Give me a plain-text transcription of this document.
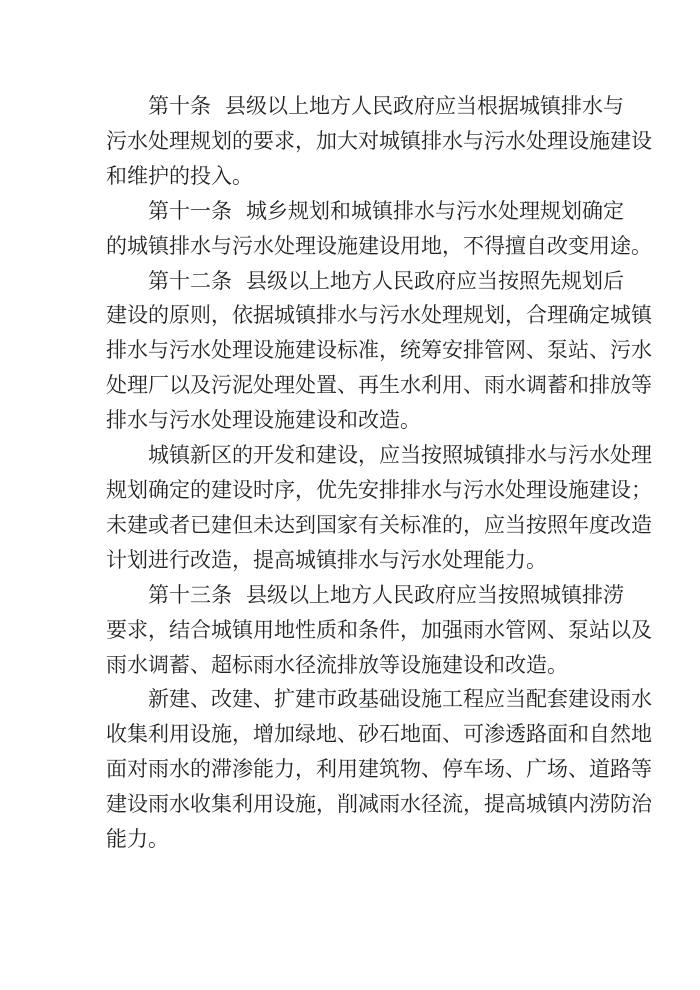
第十条 县级以上地方人民政府应当根据城镇排水与
污水处理规划的要求，加大对城镇排水与污水处理设施建设
和维护的投入。
第十一条 城乡规划和城镇排水与污水处理规划确定
的城镇排水与污水处理设施建设用地，不得擅自改变用途。
第十二条 县级以上地方人民政府应当按照先规划后
建设的原则，依据城镇排水与污水处理规划，合理确定城镇
排水与污水处理设施建设标准，统筹安排管网、泵站、污水
处理厂以及污泥处理处置、再生水利用、雨水调蓄和排放等
排水与污水处理设施建设和改造。
城镇新区的开发和建设，应当按照城镇排水与污水处理
规划确定的建设时序，优先安排排水与污水处理设施建设；
未建或者已建但未达到国家有关标准的，应当按照年度改造
计划进行改造，提高城镇排水与污水处理能力。
第十三条 县级以上地方人民政府应当按照城镇排涝
要求，结合城镇用地性质和条件，加强雨水管网、泵站以及
雨水调蓄、超标雨水径流排放等设施建设和改造。
新建、改建、扩建市政基础设施工程应当配套建设雨水
收集利用设施，增加绿地、砂石地面、可渗透路面和自然地
面对雨水的滞渗能力，利用建筑物、停车场、广场、道路等
建设雨水收集利用设施，削减雨水径流，提高城镇内涝防治
能力。
